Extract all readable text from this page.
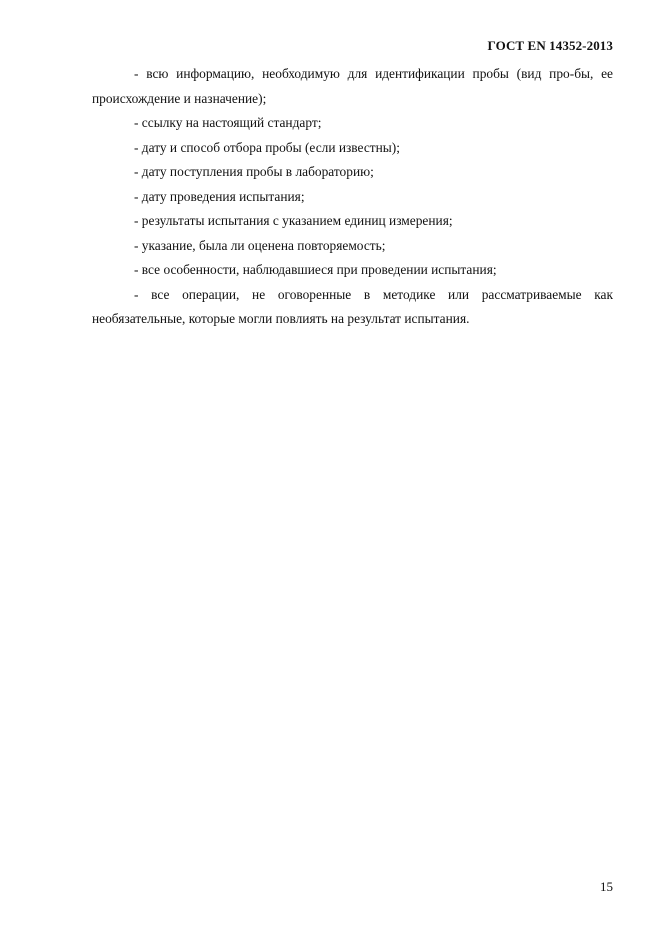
ГОСТ EN 14352-2013

- всю информацию, необходимую для идентификации пробы (вид про-бы, ее происхождение и назначение);

- ссылку на настоящий стандарт;

- дату и способ отбора пробы (если известны);

- дату поступления пробы в лабораторию;

- дату проведения испытания;

- результаты испытания с указанием единиц измерения;

- указание, была ли оценена повторяемость;

- все особенности, наблюдавшиеся при проведении испытания;

- все операции, не оговоренные в методике или рассматриваемые как необязательные, которые могли повлиять на результат испытания.

15
